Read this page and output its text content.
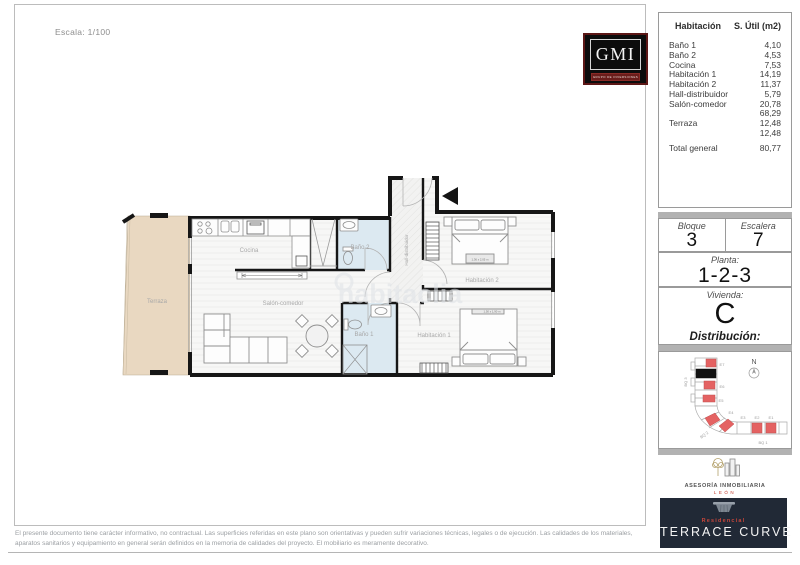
Escala: 1/100
GMI
GRUPO DE INVERSIONES
Terraza
Cocina	Baño 2
Salón-comedor
Baño 1	Habitación 1
Habitación 2
Hall-distribuidor	1,36 x 2,05 m
1,50 x 1,90 m
habitaclia
Habitación S. Útil (m2)
Baño 1	4,10
Baño 2	4,53
Cocina	7,53
Habitación 1	14,19
Habitación 2	11,37
Hall-distribuidor	5,79
Salón-comedor	20,78
68,29
Terraza	12,48
12,48
Total general	80,77
Bloque
3
Escalera
7
Planta:
1-2-3
Vivienda:
C
Distribución:
E7
E6
E5
E4
E3 E2 E1
BQ 3
BQ 2
BQ 1
N
ASESORÍA INMOBILIARIA
LEÓN
Residencial
TERRACE CURVE
El presente documento tiene carácter informativo, no contractual. Las superficies referidas en este plano son orientativas y pueden sufrir variaciones técnicas, legales o de ejecución. Las calidades de los materiales, aparatos sanitarios y equipamiento en general serán definidos en la memoria de calidades del proyecto. El mobiliario es meramente decorativo.
